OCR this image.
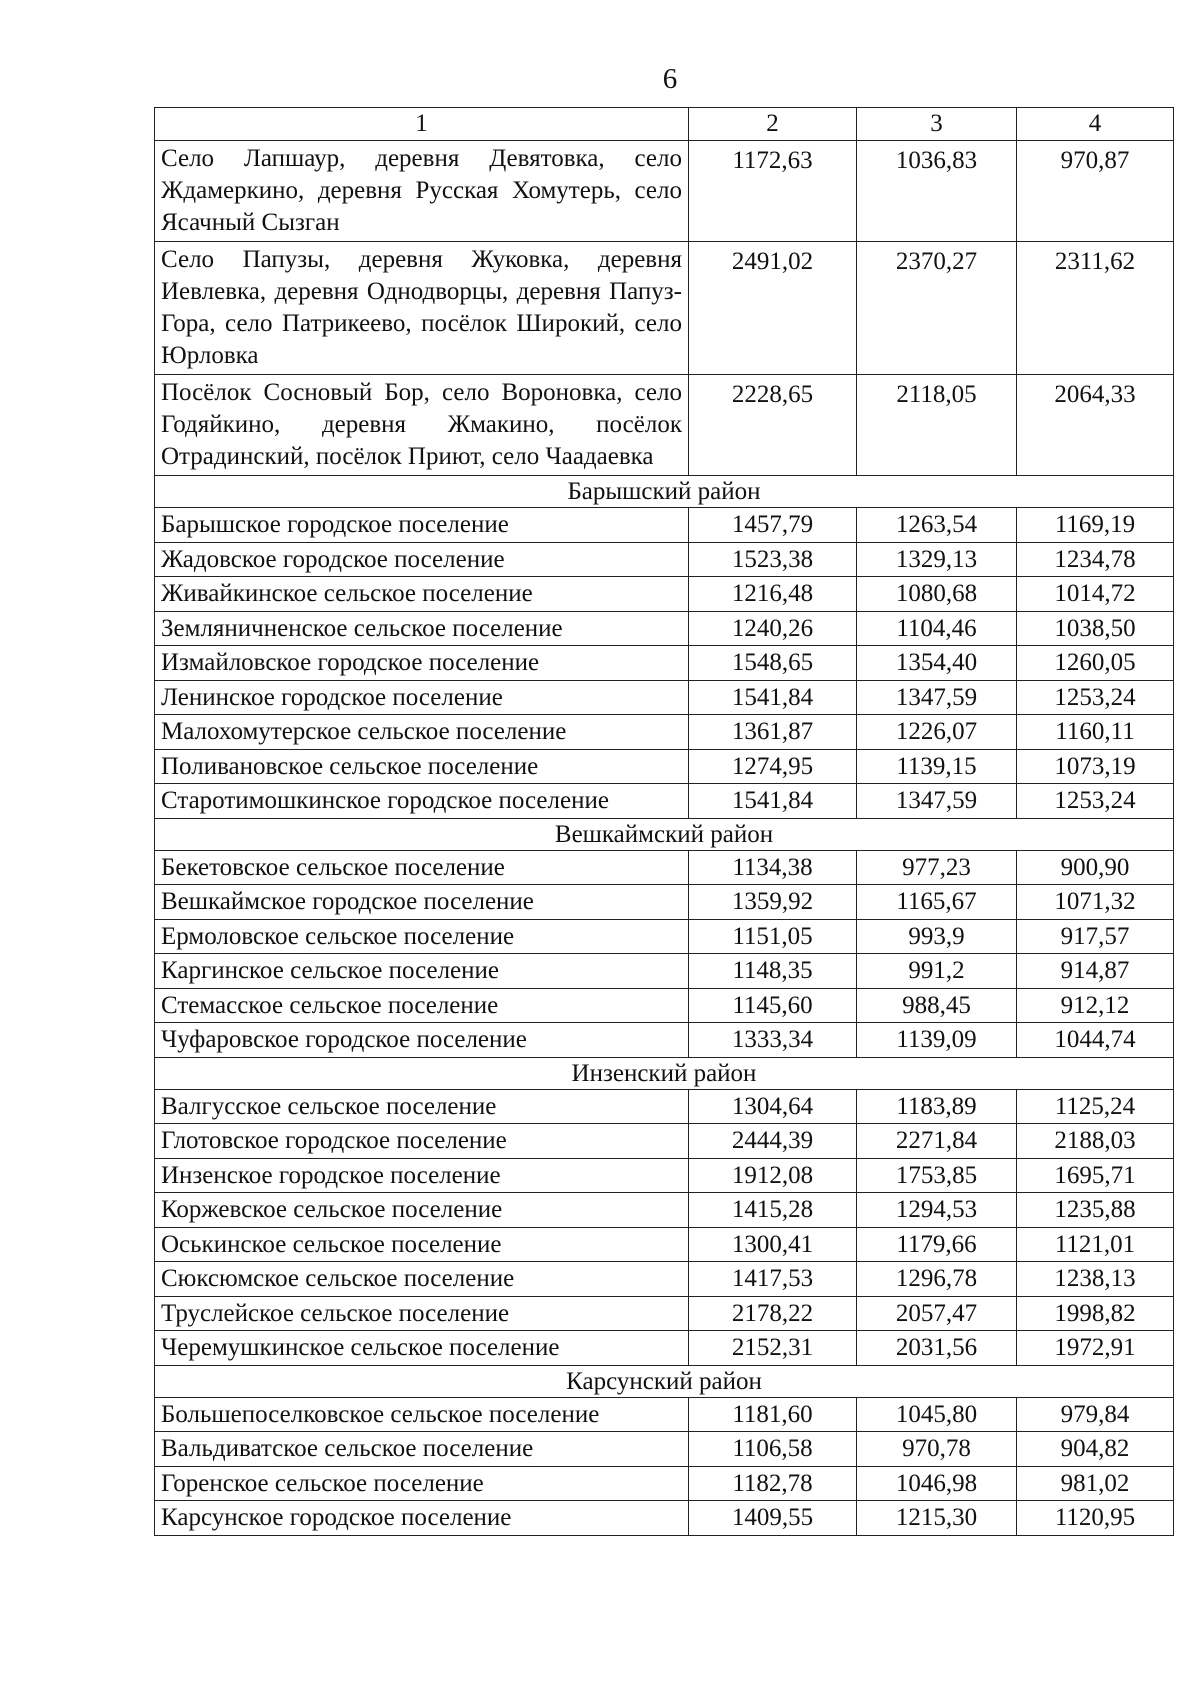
6
1	2	3	4
Село Лапшаур, деревня Девятовка, село Ждамеркино, деревня Русская Хомутерь, село Ясачный Сызган	1172,63	1036,83	970,87
Село Папузы, деревня Жуковка, деревня Иевлевка, деревня Однодворцы, деревня Папуз-Гора, село Патрикеево, посёлок Широкий, село Юрловка	2491,02	2370,27	2311,62
Посёлок Сосновый Бор, село Вороновка, село Годяйкино, деревня Жмакино, посёлок Отрадинский, посёлок Приют, село Чаадаевка	2228,65	2118,05	2064,33
Барышский район			
Барышское городское поселение	1457,79	1263,54	1169,19
Жадовское городское поселение	1523,38	1329,13	1234,78
Живайкинское сельское поселение	1216,48	1080,68	1014,72
Земляничненское сельское поселение	1240,26	1104,46	1038,50
Измайловское городское поселение	1548,65	1354,40	1260,05
Ленинское городское поселение	1541,84	1347,59	1253,24
Малохомутерское сельское поселение	1361,87	1226,07	1160,11
Поливановское сельское поселение	1274,95	1139,15	1073,19
Старотимошкинское городское поселение	1541,84	1347,59	1253,24
Вешкаймский район			
Бекетовское сельское поселение	1134,38	977,23	900,90
Вешкаймское городское поселение	1359,92	1165,67	1071,32
Ермоловское сельское поселение	1151,05	993,9	917,57
Каргинское сельское поселение	1148,35	991,2	914,87
Стемасское сельское поселение	1145,60	988,45	912,12
Чуфаровское городское поселение	1333,34	1139,09	1044,74
Инзенский район			
Валгусское сельское поселение	1304,64	1183,89	1125,24
Глотовское городское поселение	2444,39	2271,84	2188,03
Инзенское городское поселение	1912,08	1753,85	1695,71
Коржевское сельское поселение	1415,28	1294,53	1235,88
Оськинское сельское поселение	1300,41	1179,66	1121,01
Сюксюмское сельское поселение	1417,53	1296,78	1238,13
Труслейское сельское поселение	2178,22	2057,47	1998,82
Черемушкинское сельское поселение	2152,31	2031,56	1972,91
Карсунский район			
Большепоселковское сельское поселение	1181,60	1045,80	979,84
Вальдиватское сельское поселение	1106,58	970,78	904,82
Горенское сельское поселение	1182,78	1046,98	981,02
Карсунское городское поселение	1409,55	1215,30	1120,95
